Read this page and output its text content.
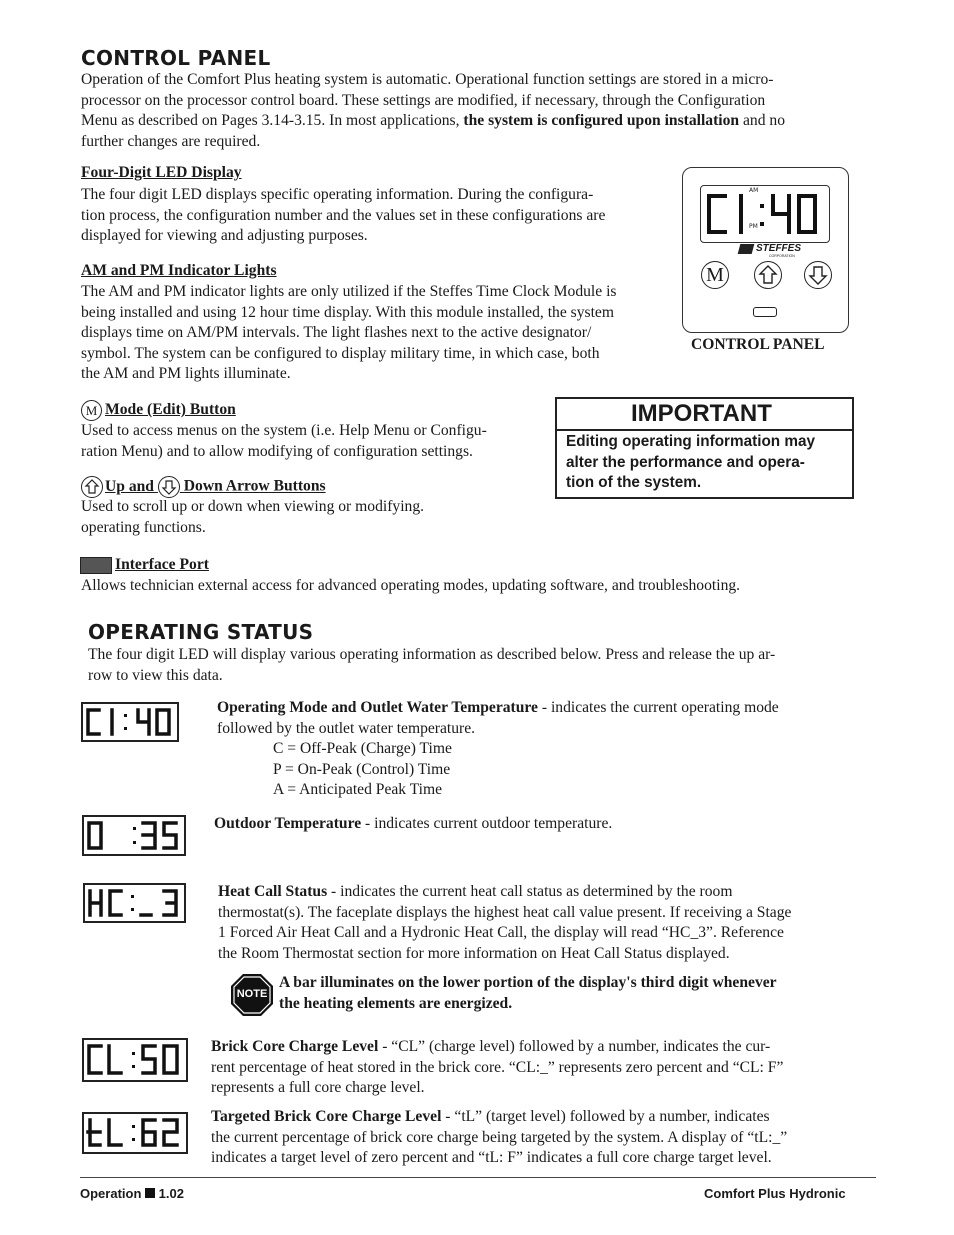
CONTROL PANEL
Operation of the Comfort Plus heating system is automatic. Operational function settings are stored in a micro-
processor on the processor control board. These settings are modified, if necessary, through the Configuration
Menu as described on Pages 3.14-3.15. In most applications, the system is configured upon installation and no
further changes are required.
Four-Digit LED Display
The four digit LED displays specific operating information. During the configura-
tion process, the configuration number and the values set in these configurations are
displayed for viewing and adjusting purposes.
AM and PM Indicator Lights
The AM and PM indicator lights are only utilized if the Steffes Time Clock Module is
being installed and using 12 hour time display. With this module installed, the system
displays time on AM/PM intervals. The light flashes next to the active designator/
symbol. The system can be configured to display military time, in which case, both
the AM and PM lights illuminate.
AM
PM
STEFFES
CORPORATION
M
CONTROL PANEL
M Mode (Edit) Button
Used to access menus on the system (i.e. Help Menu or Configu-
ration Menu) and to allow modifying of configuration settings.
Up and  Down Arrow Buttons
Used to scroll up or down when viewing or modifying.
operating functions.
Interface Port
Allows technician external access for advanced operating modes, updating software, and troubleshooting.
IMPORTANT
Editing operating information may
alter the performance and opera-
tion of the system.
OPERATING STATUS
The four digit LED will display various operating information as described below. Press and release the up ar-
row to view this data.
Operating Mode and Outlet Water Temperature - indicates the current operating mode
followed by the outlet water temperature.
C = Off-Peak (Charge) Time
P = On-Peak (Control) Time
A = Anticipated Peak Time
Outdoor Temperature - indicates current outdoor temperature.
Heat Call Status - indicates the current heat call status as determined by the room
thermostat(s). The faceplate displays the highest heat call value present. If receiving a Stage
1 Forced Air Heat Call and a Hydronic Heat Call, the display will read “HC_3”. Reference
the Room Thermostat section for more information on Heat Call Status displayed.
NOTE
A bar illuminates on the lower portion of the display's third digit whenever
the heating elements are energized.
Brick Core Charge Level - “CL” (charge level) followed by a number, indicates the cur-
rent percentage of heat stored in the brick core. “CL:_” represents zero percent and “CL: F”
represents a full core charge level.
Targeted Brick Core Charge Level - “tL” (target level) followed by a number, indicates
the current percentage of brick core charge being targeted by the system. A display of “tL:_”
indicates a target level of zero percent and “tL: F” indicates a full core charge target level.
Operation  1.02	Comfort Plus Hydronic
